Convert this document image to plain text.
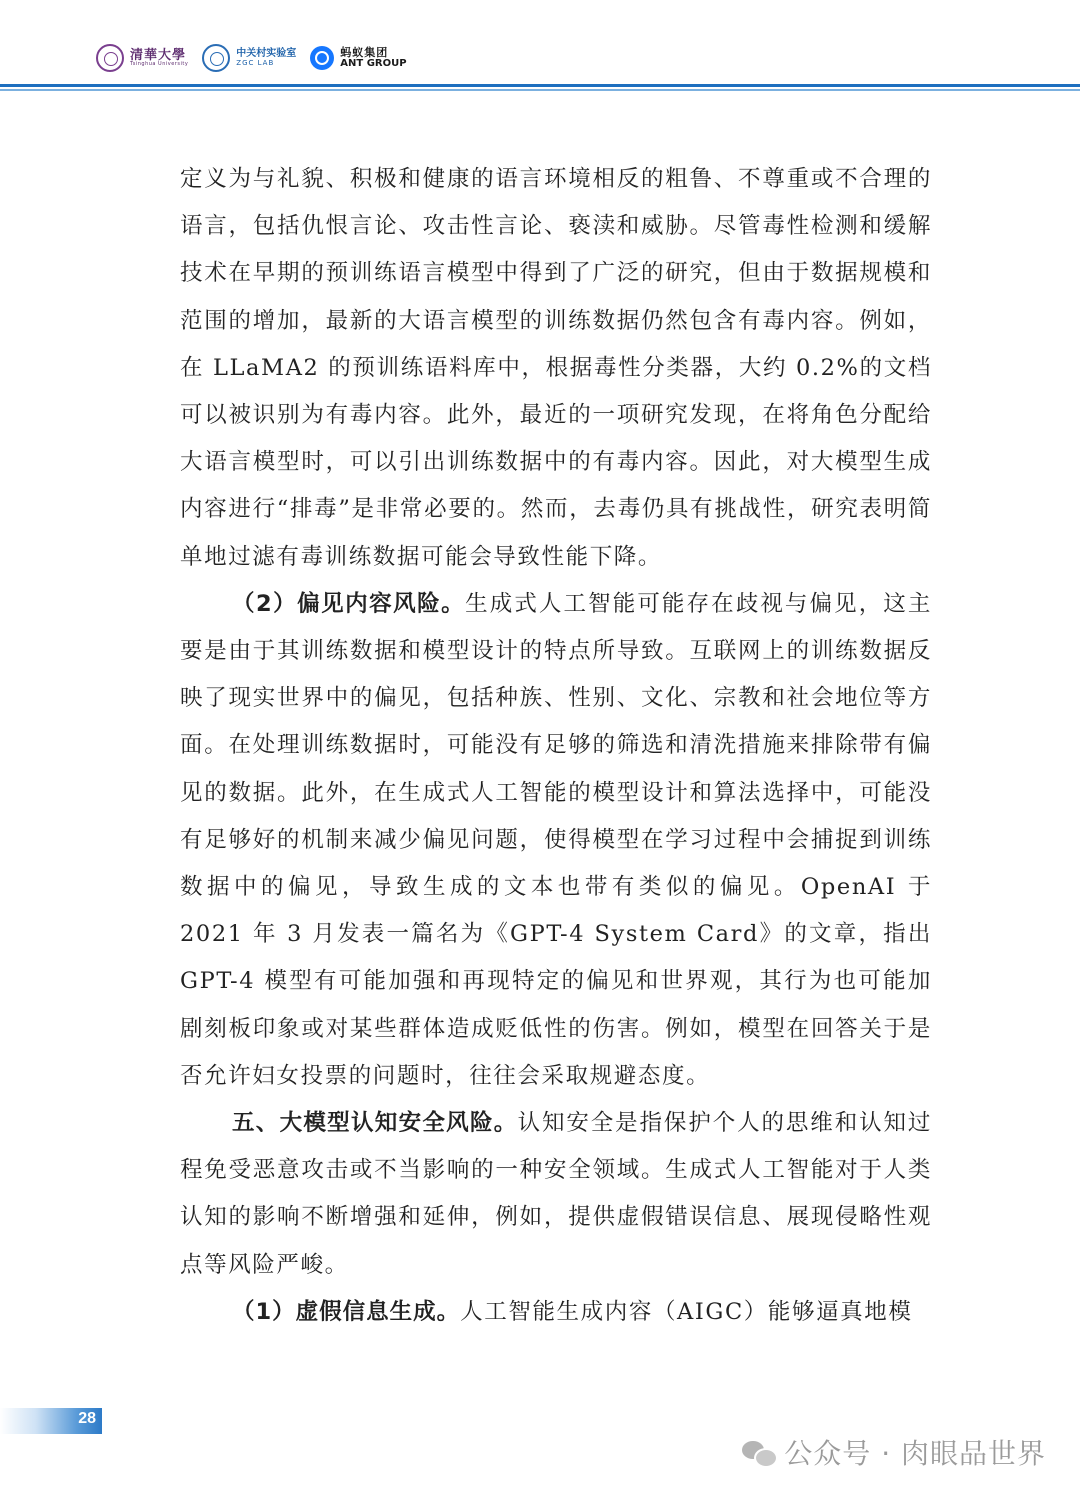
清華大學
Tsinghua University
中关村实验室
ZGC LAB
蚂蚁集团
ANT GROUP

定义为与礼貌、积极和健康的语言环境相反的粗鲁、不尊重或不合理的语言，包括仇恨言论、攻击性言论、亵渎和威胁。尽管毒性检测和缓解技术在早期的预训练语言模型中得到了广泛的研究，但由于数据规模和范围的增加，最新的大语言模型的训练数据仍然包含有毒内容。例如，在 LLaMA2 的预训练语料库中，根据毒性分类器，大约 0.2%的文档可以被识别为有毒内容。此外，最近的一项研究发现，在将角色分配给大语言模型时，可以引出训练数据中的有毒内容。因此，对大模型生成内容进行“排毒”是非常必要的。然而，去毒仍具有挑战性，研究表明简单地过滤有毒训练数据可能会导致性能下降。

（2）偏见内容风险。生成式人工智能可能存在歧视与偏见，这主要是由于其训练数据和模型设计的特点所导致。互联网上的训练数据反映了现实世界中的偏见，包括种族、性别、文化、宗教和社会地位等方面。在处理训练数据时，可能没有足够的筛选和清洗措施来排除带有偏见的数据。此外，在生成式人工智能的模型设计和算法选择中，可能没有足够好的机制来减少偏见问题，使得模型在学习过程中会捕捉到训练数据中的偏见，导致生成的文本也带有类似的偏见。OpenAI 于 2021 年 3 月发表一篇名为《GPT-4 System Card》的文章，指出 GPT-4 模型有可能加强和再现特定的偏见和世界观，其行为也可能加剧刻板印象或对某些群体造成贬低性的伤害。例如，模型在回答关于是否允许妇女投票的问题时，往往会采取规避态度。

五、大模型认知安全风险。认知安全是指保护个人的思维和认知过程免受恶意攻击或不当影响的一种安全领域。生成式人工智能对于人类认知的影响不断增强和延伸，例如，提供虚假错误信息、展现侵略性观点等风险严峻。

（1）虚假信息生成。人工智能生成内容（AIGC）能够逼真地模

28
公众号 · 肉眼品世界
